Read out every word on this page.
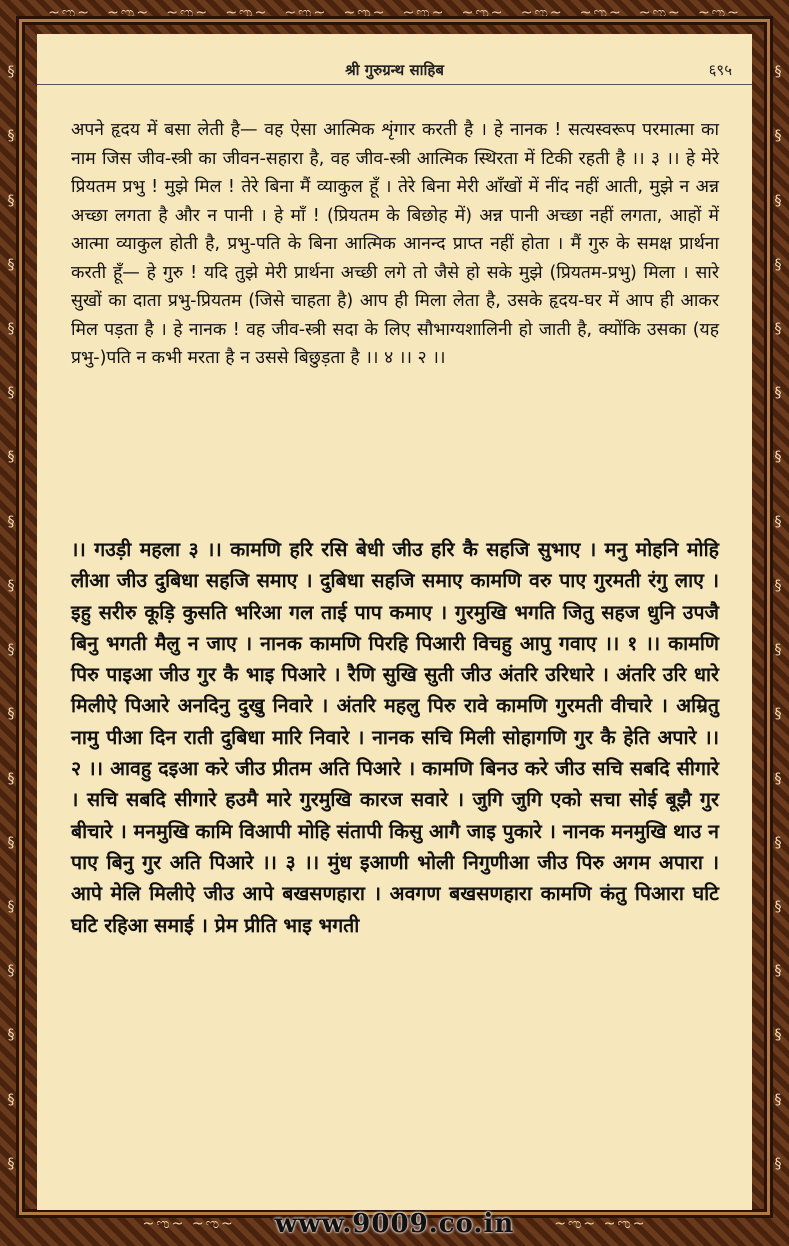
~ಌ~ ~ಌ~ ~ಌ~ ~ಌ~ ~ಌ~ ~ಌ~ ~ಌ~ ~ಌ~ ~ಌ~ ~ಌ~ ~ಌ~ ~ಌ~
§
§
§
§
§
§
§
§
§
§
§
§
§
§
§
§
§
§
§
§
§
§
§
§
§
§
§
§
§
§
§
§
§
§
§
§
श्री गुरुग्रन्थ साहिब	६९५
अपने हृदय में बसा लेती है— वह ऐसा आत्मिक शृंगार करती है । हे नानक ! सत्यस्वरूप परमात्मा का नाम जिस जीव-स्त्री का जीवन-सहारा है, वह जीव-स्त्री आत्मिक स्थिरता में टिकी रहती है ।। ३ ।। हे मेरे प्रियतम प्रभु ! मुझे मिल ! तेरे बिना मैं व्याकुल हूँ । तेरे बिना मेरी आँखों में नींद नहीं आती, मुझे न अन्न अच्छा लगता है और न पानी । हे माँ ! (प्रियतम के बिछोह में) अन्न पानी अच्छा नहीं लगता, आहों में आत्मा व्याकुल होती है, प्रभु-पति के बिना आत्मिक आनन्द प्राप्त नहीं होता । मैं गुरु के समक्ष प्रार्थना करती हूँ— हे गुरु ! यदि तुझे मेरी प्रार्थना अच्छी लगे तो जैसे हो सके मुझे (प्रियतम-प्रभु) मिला । सारे सुखों का दाता प्रभु-प्रियतम (जिसे चाहता है) आप ही मिला लेता है, उसके हृदय-घर में आप ही आकर मिल पड़ता है । हे नानक ! वह जीव-स्त्री सदा के लिए सौभाग्यशालिनी हो जाती है, क्योंकि उसका (यह प्रभु-)पति न कभी मरता है न उससे बिछुड़ता है ।। ४ ।। २ ।।
।। गउड़ी महला ३ ।। कामणि हरि रसि बेधी जीउ हरि कै सहजि सुभाए । मनु मोहनि मोहि लीआ जीउ दुबिधा सहजि समाए । दुबिधा सहजि समाए कामणि वरु पाए गुरमती रंगु लाए । इहु सरीरु कूड़ि कुसति भरिआ गल ताई पाप कमाए । गुरमुखि भगति जितु सहज धुनि उपजै बिनु भगती मैलु न जाए । नानक कामणि पिरहि पिआरी विचहु आपु गवाए ।। १ ।। कामणि पिरु पाइआ जीउ गुर कै भाइ पिआरे । रैणि सुखि सुती जीउ अंतरि उरिधारे । अंतरि उरि धारे मिलीऐ पिआरे अनदिनु दुखु निवारे । अंतरि महलु पिरु रावे कामणि गुरमती वीचारे । अम्रितु नामु पीआ दिन राती दुबिधा मारि निवारे । नानक सचि मिली सोहागणि गुर कै हेति अपारे ।। २ ।। आवहु दइआ करे जीउ प्रीतम अति पिआरे । कामणि बिनउ करे जीउ सचि सबदि सीगारे । सचि सबदि सीगारे हउमै मारे गुरमुखि कारज सवारे । जुगि जुगि एको सचा सोई बूझै गुर बीचारे । मनमुखि कामि विआपी मोहि संतापी किसु आगै जाइ पुकारे । नानक मनमुखि थाउ न पाए बिनु गुर अति पिआरे ।। ३ ।। मुंध इआणी भोली निगुणीआ जीउ पिरु अगम अपारा । आपे मेलि मिलीऐ जीउ आपे बखसणहारा । अवगण बखसणहारा कामणि कंतु पिआरा घटि घटि रहिआ समाई । प्रेम प्रीति भाइ भगती
~ಌ~ ~ಌ~ www.9009.co.in	~ಌ~ ~ಌ~
